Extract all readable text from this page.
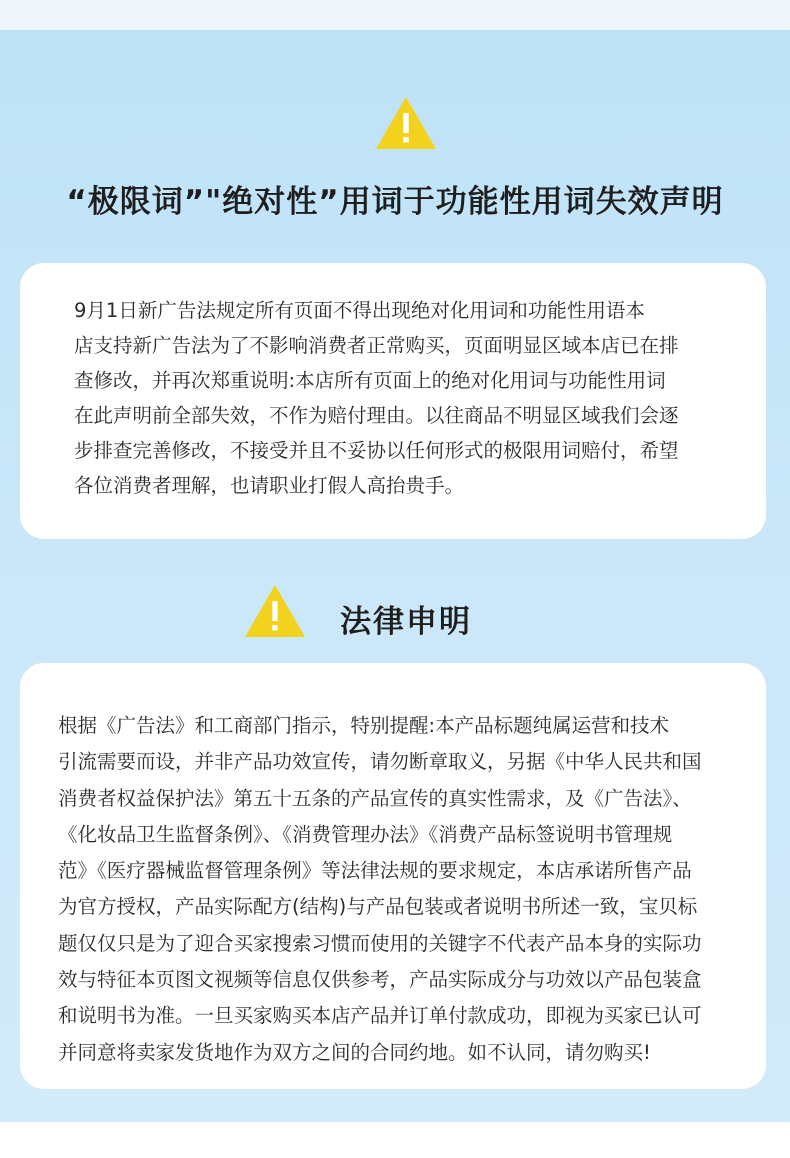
“极限词”"绝对性”用词于功能性用词失效声明
9月1日新广告法规定所有页面不得出现绝对化用词和功能性用语本
店支持新广告法为了不影响消费者正常购买，页面明显区域本店已在排
查修改，并再次郑重说明:本店所有页面上的绝对化用词与功能性用词
在此声明前全部失效，不作为赔付理由。以往商品不明显区域我们会逐
步排查完善修改，不接受并且不妥协以任何形式的极限用词赔付，希望
各位消费者理解，也请职业打假人高抬贵手。
法律申明
根据《广告法》和工商部门指示，特别提醒:本产品标题纯属运营和技术
引流需要而设，并非产品功效宣传，请勿断章取义，另据《中华人民共和国
消费者权益保护法》第五十五条的产品宣传的真实性需求，及《广告法》、
《化妆品卫生监督条例》、《消费管理办法》《消费产品标签说明书管理规
范》《医疗器械监督管理条例》等法律法规的要求规定，本店承诺所售产品
为官方授权，产品实际配方(结构)与产品包装或者说明书所述一致，宝贝标
题仅仅只是为了迎合买家搜索习惯而使用的关键字不代表产品本身的实际功
效与特征本页图文视频等信息仅供参考，产品实际成分与功效以产品包装盒
和说明书为准。一旦买家购买本店产品并订单付款成功，即视为买家已认可
并同意将卖家发货地作为双方之间的合同约地。如不认同，请勿购买!
